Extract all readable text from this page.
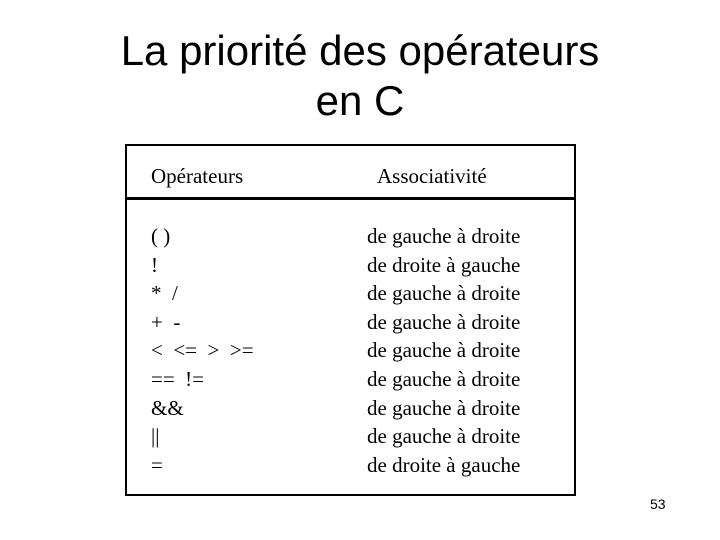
La priorité des opérateurs
en C
Opérateurs	Associativité
( )
!
*  /
+  -
<  <=  >  >=
==  !=
&&
||
=
de gauche à droite
de droite à gauche
de gauche à droite
de gauche à droite
de gauche à droite
de gauche à droite
de gauche à droite
de gauche à droite
de droite à gauche
53
